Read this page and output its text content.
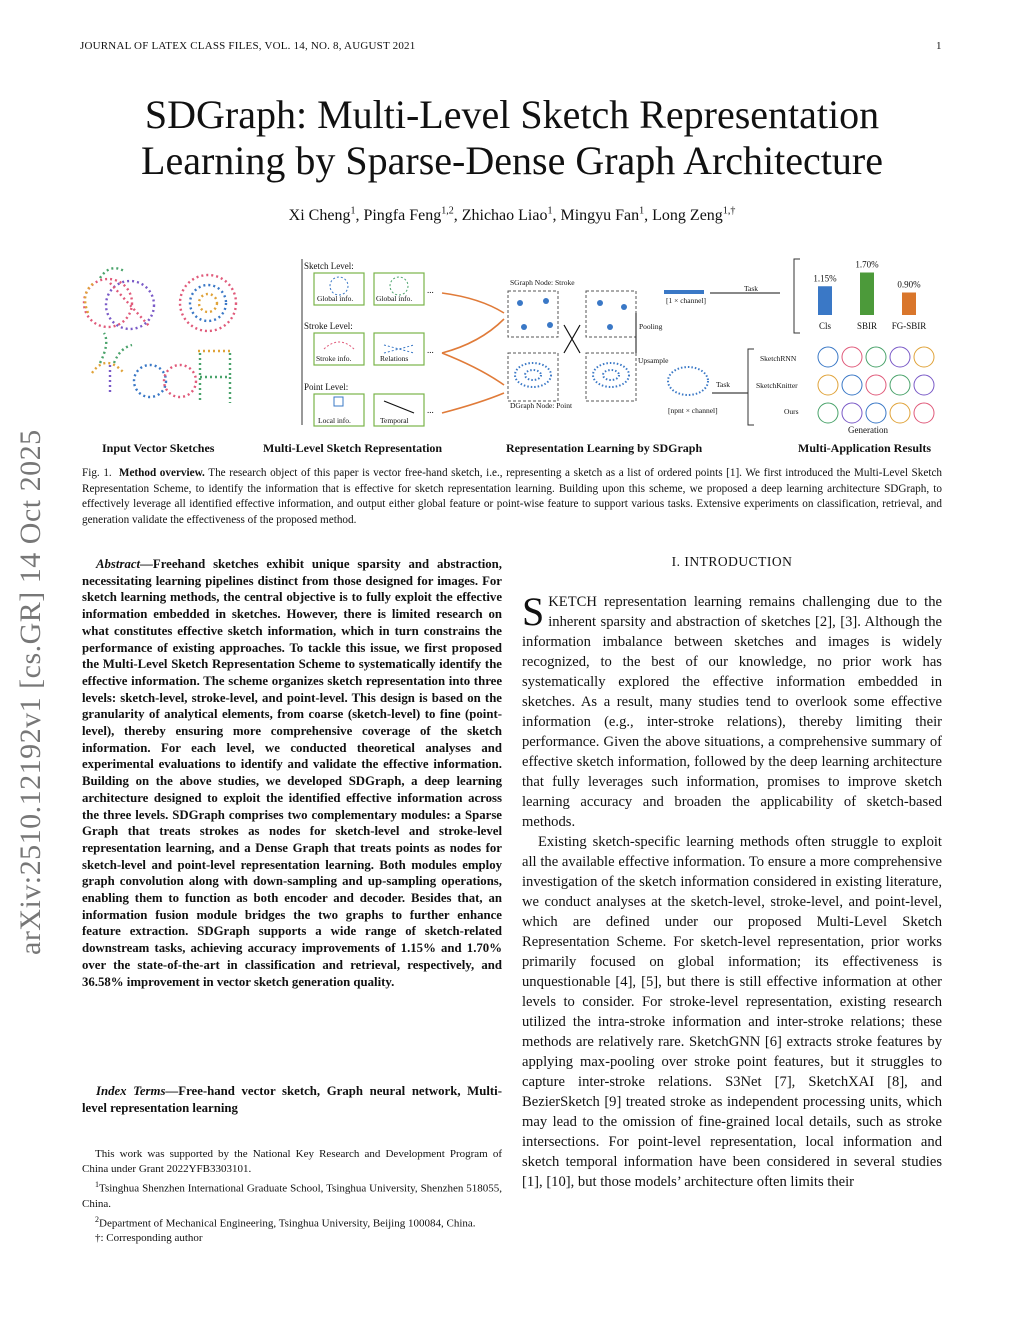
JOURNAL OF LATEX CLASS FILES, VOL. 14, NO. 8, AUGUST 2021	1
arXiv:2510.12192v1 [cs.GR] 14 Oct 2025
SDGraph: Multi-Level Sketch Representation
Learning by Sparse-Dense Graph Architecture
Xi Cheng$^1$, Pingfa Feng$^{1,2}$, Zhichao Liao$^1$, Mingyu Fan$^1$, Long Zeng$^{1,\dagger}$
Sketch Level:
Global info.	Global info.
...
Stroke Level:
Stroke info.	Relations
...
Point Level:
Local info.	Temporal
...
SGraph Node: Stroke
DGraph Node: Point
Pooling
Upsample
[1 × channel]
Task
[npnt × channel]
Task
1.15%
Cls
1.70%
SBIR
0.90%
FG-SBIR
SketchRNN
SketchKnitter
Ours
Generation
Input Vector Sketches	Multi-Level Sketch Representation	Representation Learning by SDGraph	Multi-Application Results
Fig. 1. Method overview. The research object of this paper is vector free-hand sketch, i.e., representing a sketch as a list of ordered points [1]. We first introduced the Multi-Level Sketch Representation Scheme, to identify the information that is effective for sketch representation learning. Building upon this scheme, we proposed a deep learning architecture SDGraph, to effectively leverage all identified effective information, and output either global feature or point-wise feature to support various tasks. Extensive experiments on classification, retrieval, and generation validate the effectiveness of the proposed method.
Abstract—Freehand sketches exhibit unique sparsity and abstraction, necessitating learning pipelines distinct from those designed for images. For sketch learning methods, the central objective is to fully exploit the effective information embedded in sketches. However, there is limited research on what constitutes effective sketch information, which in turn constrains the performance of existing approaches. To tackle this issue, we first proposed the Multi-Level Sketch Representation Scheme to systematically identify the effective information. The scheme organizes sketch representation into three levels: sketch-level, stroke-level, and point-level. This design is based on the granularity of analytical elements, from coarse (sketch-level) to fine (point-level), thereby ensuring more comprehensive coverage of the sketch information. For each level, we conducted theoretical analyses and experimental evaluations to identify and validate the effective information. Building on the above studies, we developed SDGraph, a deep learning architecture designed to exploit the identified effective information across the three levels. SDGraph comprises two complementary modules: a Sparse Graph that treats strokes as nodes for sketch-level and stroke-level representation learning, and a Dense Graph that treats points as nodes for sketch-level and point-level representation learning. Both modules employ graph convolution along with down-sampling and up-sampling operations, enabling them to function as both encoder and decoder. Besides that, an information fusion module bridges the two graphs to further enhance feature extraction. SDGraph supports a wide range of sketch-related downstream tasks, achieving accuracy improvements of 1.15% and 1.70% over the state-of-the-art in classification and retrieval, respectively, and 36.58% improvement in vector sketch generation quality.
Index Terms—Free-hand vector sketch, Graph neural network, Multi-level representation learning

This work was supported by the National Key Research and Development Program of China under Grant 2022YFB3303101.

$^1$Tsinghua Shenzhen International Graduate School, Tsinghua University, Shenzhen 518055, China.

$^2$Department of Mechanical Engineering, Tsinghua University, Beijing 100084, China.

†: Corresponding author

I. INTRODUCTION

SKETCH representation learning remains challenging due to the inherent sparsity and abstraction of sketches [2], [3]. Although the information imbalance between sketches and images is widely recognized, to the best of our knowledge, no prior work has systematically explored the effective information embedded in sketches. As a result, many studies tend to overlook some effective information (e.g., inter-stroke relations), thereby limiting their performance. Given the above situations, a comprehensive summary of effective sketch information, followed by the deep learning architecture that fully leverages such information, promises to improve sketch learning accuracy and broaden the applicability of sketch-based methods.

Existing sketch-specific learning methods often struggle to exploit all the available effective information. To ensure a more comprehensive investigation of the sketch information considered in existing literature, we conduct analyses at the sketch-level, stroke-level, and point-level, which are defined under our proposed Multi-Level Sketch Representation Scheme. For sketch-level representation, prior works primarily focused on global information; its effectiveness is unquestionable [4], [5], but there is still effective information at other levels to consider. For stroke-level representation, existing research utilized the intra-stroke information and inter-stroke relations; these methods are relatively rare. SketchGNN [6] extracts stroke features by applying max-pooling over stroke point features, but it struggles to capture inter-stroke relations. S3Net [7], SketchXAI [8], and BezierSketch [9] treated stroke as independent processing units, which may lead to the omission of fine-grained local details, such as stroke intersections. For point-level representation, local information and sketch temporal information have been considered in several studies [1], [10], but those models’ architecture often limits their
